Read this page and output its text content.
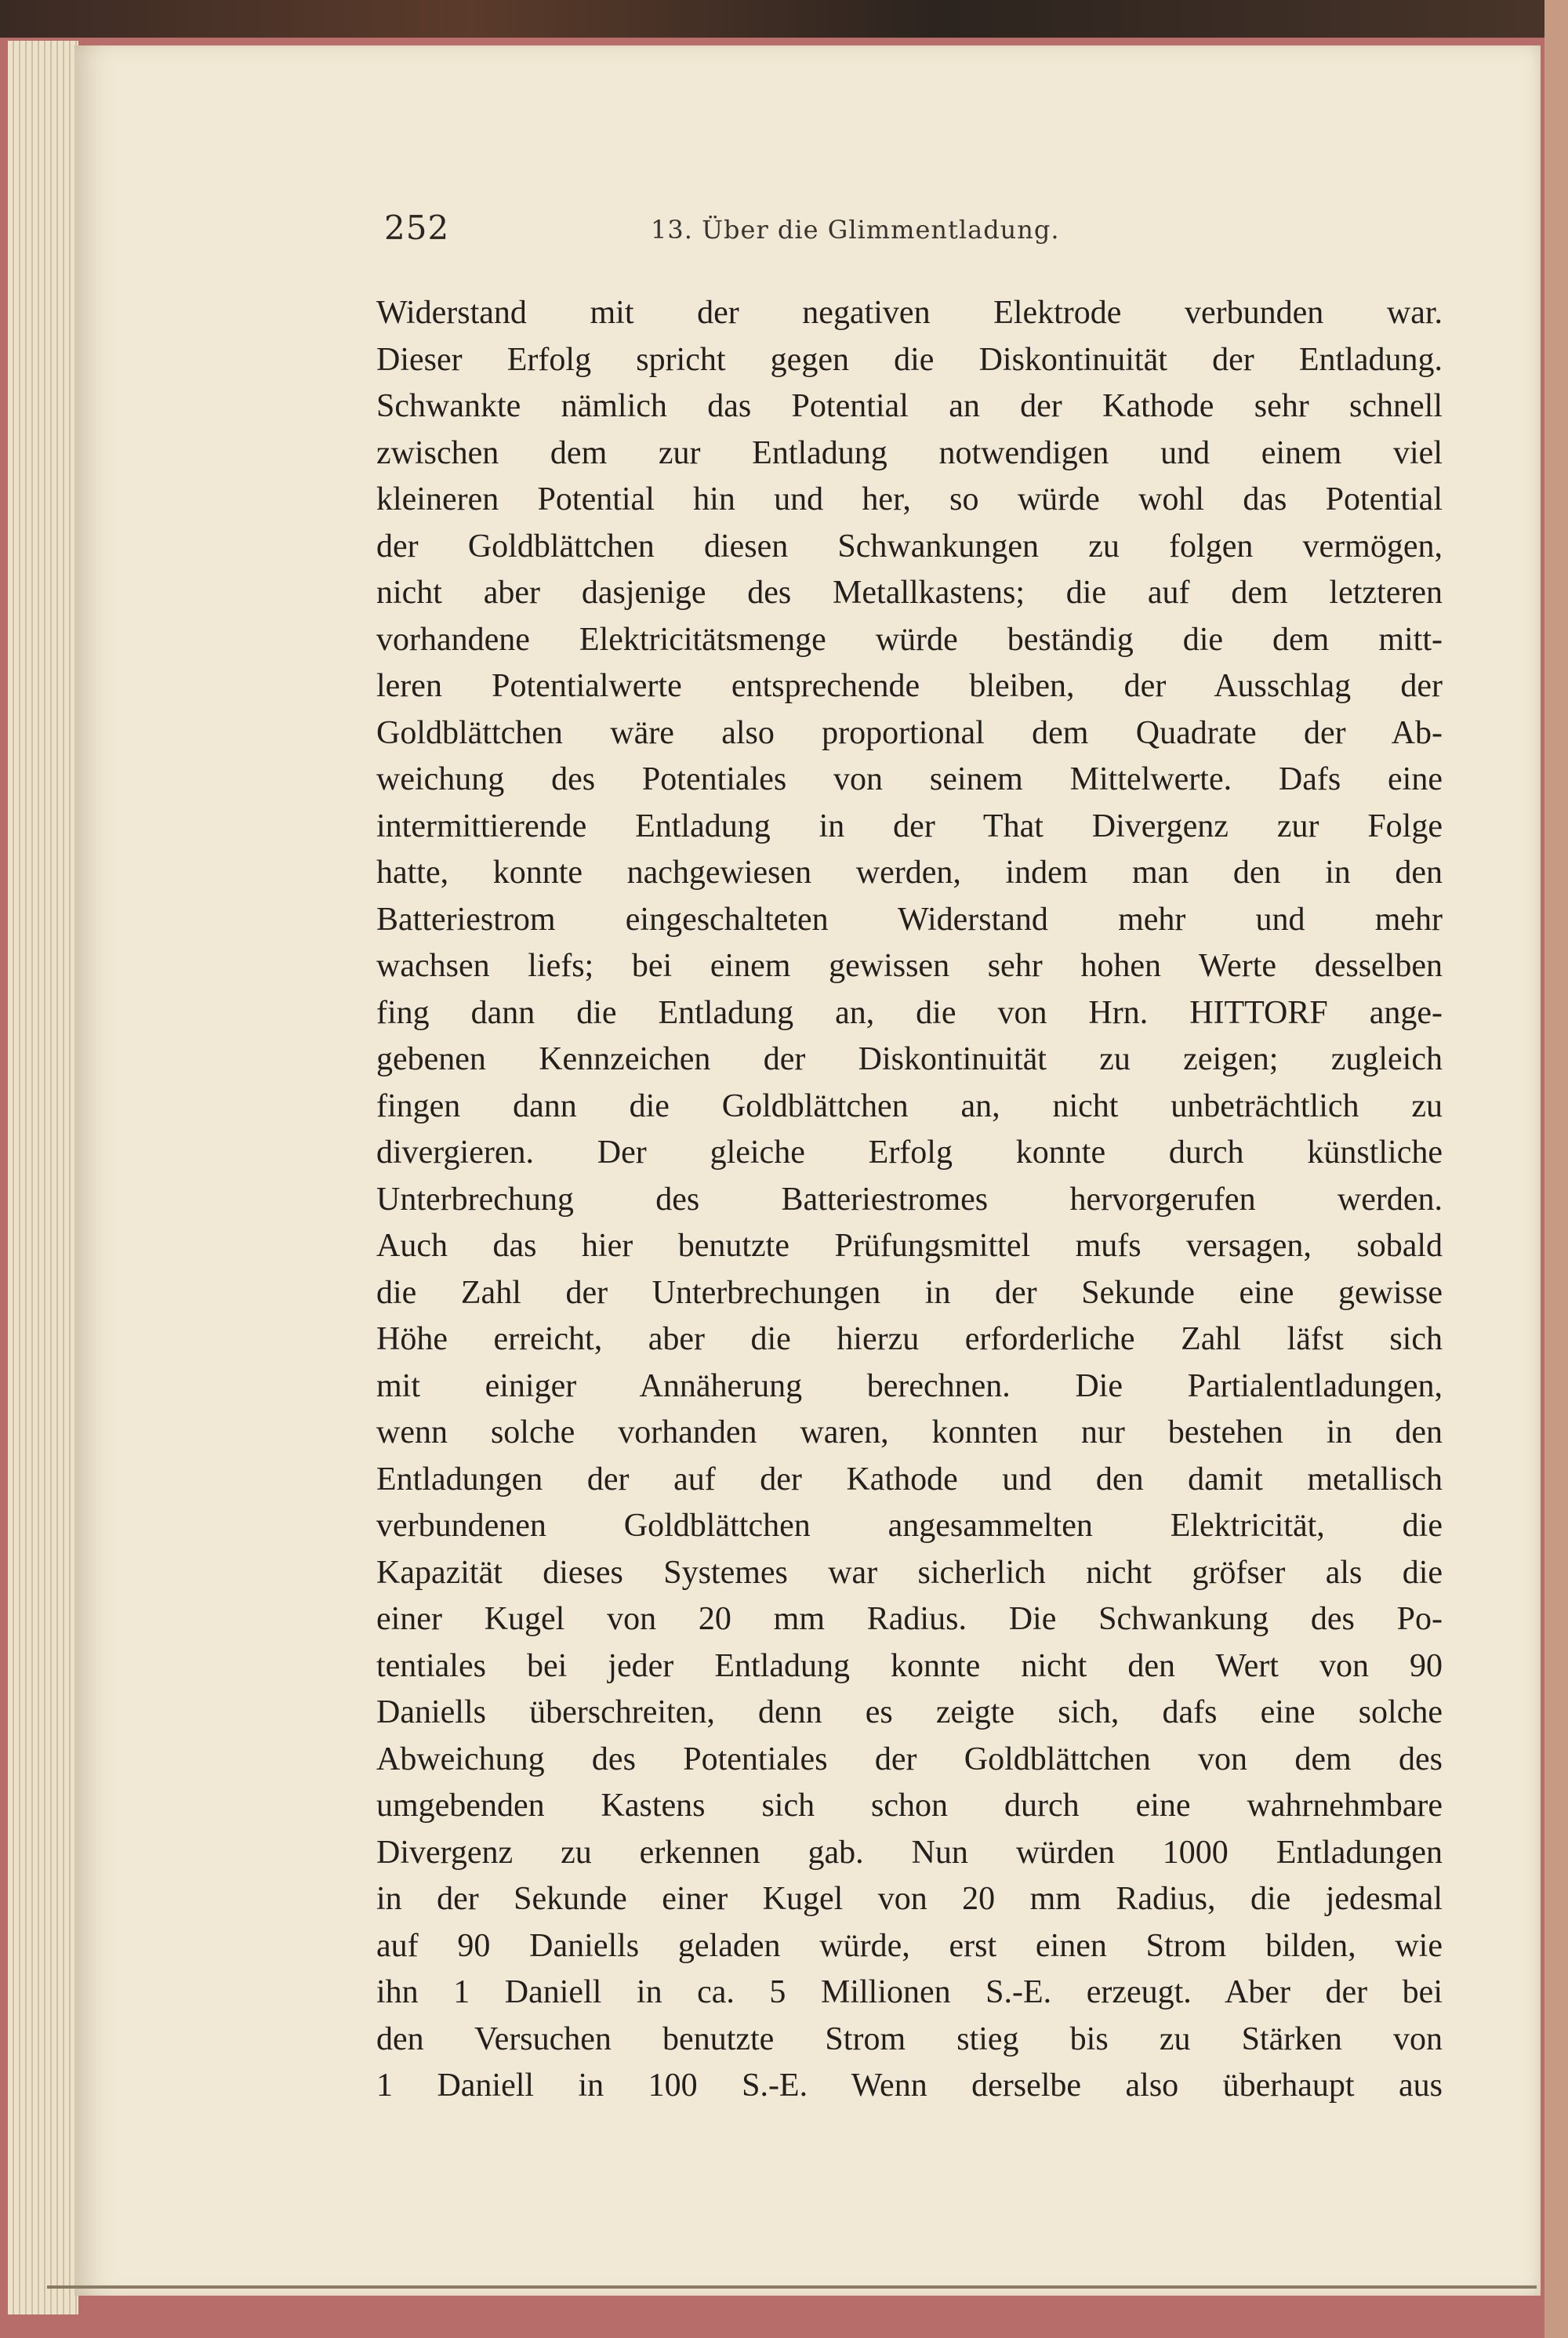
252	13. Über die Glimmentladung.
Widerstand mit der negativen Elektrode verbunden war.
Dieser Erfolg spricht gegen die Diskontinuität der Entladung.
Schwankte nämlich das Potential an der Kathode sehr schnell
zwischen dem zur Entladung notwendigen und einem viel
kleineren Potential hin und her, so würde wohl das Potential
der Goldblättchen diesen Schwankungen zu folgen vermögen,
nicht aber dasjenige des Metallkastens; die auf dem letzteren
vorhandene Elektricitätsmenge würde beständig die dem mitt-
leren Potentialwerte entsprechende bleiben, der Ausschlag der
Goldblättchen wäre also proportional dem Quadrate der Ab-
weichung des Potentiales von seinem Mittelwerte. Dafs eine
intermittierende Entladung in der That Divergenz zur Folge
hatte, konnte nachgewiesen werden, indem man den in den
Batteriestrom eingeschalteten Widerstand mehr und mehr
wachsen liefs; bei einem gewissen sehr hohen Werte desselben
fing dann die Entladung an, die von Hrn. HITTORF ange-
gebenen Kennzeichen der Diskontinuität zu zeigen; zugleich
fingen dann die Goldblättchen an, nicht unbeträchtlich zu
divergieren. Der gleiche Erfolg konnte durch künstliche
Unterbrechung des Batteriestromes hervorgerufen werden.
Auch das hier benutzte Prüfungsmittel mufs versagen, sobald
die Zahl der Unterbrechungen in der Sekunde eine gewisse
Höhe erreicht, aber die hierzu erforderliche Zahl läfst sich
mit einiger Annäherung berechnen. Die Partialentladungen,
wenn solche vorhanden waren, konnten nur bestehen in den
Entladungen der auf der Kathode und den damit metallisch
verbundenen Goldblättchen angesammelten Elektricität, die
Kapazität dieses Systemes war sicherlich nicht gröfser als die
einer Kugel von 20 mm Radius. Die Schwankung des Po-
tentiales bei jeder Entladung konnte nicht den Wert von 90
Daniells überschreiten, denn es zeigte sich, dafs eine solche
Abweichung des Potentiales der Goldblättchen von dem des
umgebenden Kastens sich schon durch eine wahrnehmbare
Divergenz zu erkennen gab. Nun würden 1000 Entladungen
in der Sekunde einer Kugel von 20 mm Radius, die jedesmal
auf 90 Daniells geladen würde, erst einen Strom bilden, wie
ihn 1 Daniell in ca. 5 Millionen S.-E. erzeugt. Aber der bei
den Versuchen benutzte Strom stieg bis zu Stärken von
1 Daniell in 100 S.-E. Wenn derselbe also überhaupt aus
